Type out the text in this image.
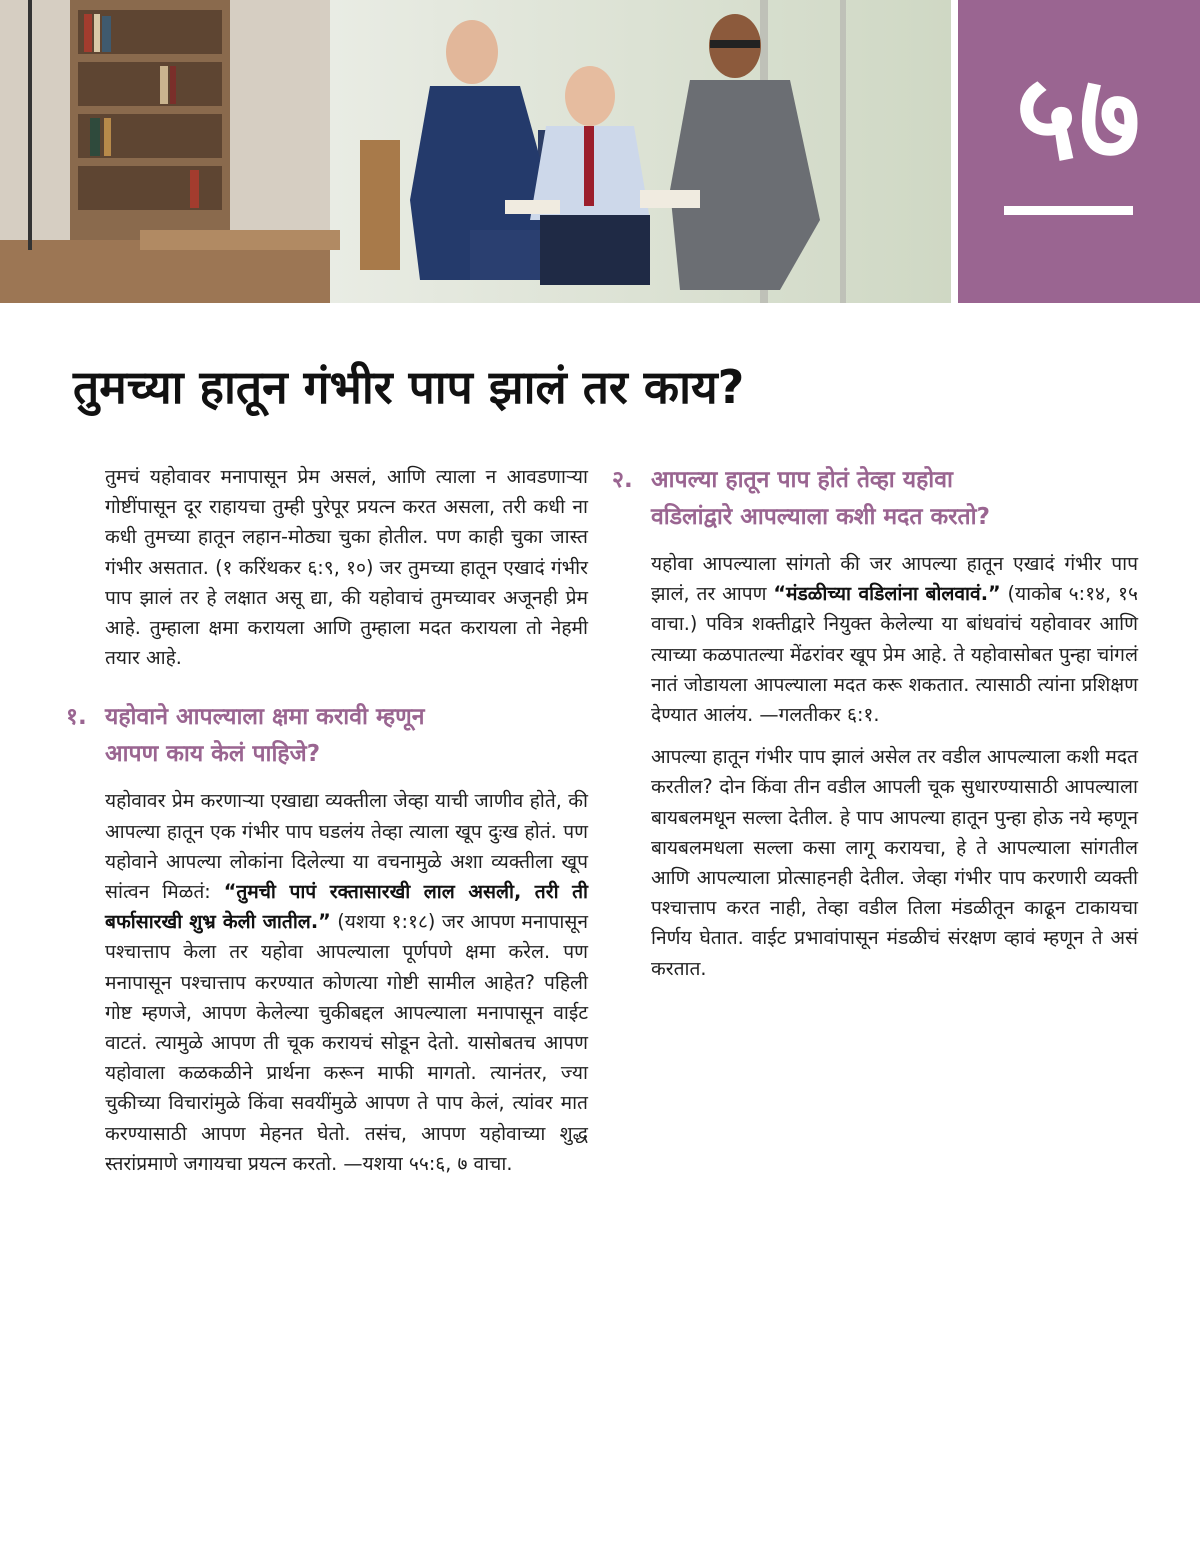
५७
तुमच्या हातून गंभीर पाप झालं तर काय?

तुमचं यहोवावर मनापासून प्रेम असलं, आणि त्याला न आवडणाऱ्या गोष्टींपासून दूर राहायचा तुम्ही पुरेपूर प्रयत्न करत असला, तरी कधी ना कधी तुमच्या हातून लहान-मोठ्या चुका होतील. पण काही चुका जास्त गंभीर असतात. (१ करिंथकर ६:९, १०) जर तुमच्या हातून एखादं गंभीर पाप झालं तर हे लक्षात असू द्या, की यहोवाचं तुमच्यावर अजूनही प्रेम आहे. तुम्हाला क्षमा करायला आणि तुम्हाला मदत करायला तो नेहमी तयार आहे.

१. यहोवाने आपल्याला क्षमा करावी म्हणून
आपण काय केलं पाहिजे?

यहोवावर प्रेम करणाऱ्या एखाद्या व्यक्तीला जेव्हा याची जाणीव होते, की आपल्या हातून एक गंभीर पाप घडलंय तेव्हा त्याला खूप दुःख होतं. पण यहोवाने आपल्या लोकांना दिलेल्या या वचनामुळे अशा व्यक्तीला खूप सांत्वन मिळतं: “तुमची पापं रक्तासारखी लाल असली, तरी ती बर्फासारखी शुभ्र केली जातील.” (यशया १:१८) जर आपण मनापासून पश्चात्ताप केला तर यहोवा आपल्याला पूर्णपणे क्षमा करेल. पण मनापासून पश्चात्ताप करण्यात कोणत्या गोष्टी सामील आहेत? पहिली गोष्ट म्हणजे, आपण केलेल्या चुकीबद्दल आपल्याला मनापासून वाईट वाटतं. त्यामुळे आपण ती चूक करायचं सोडून देतो. यासोबतच आपण यहोवाला कळकळीने प्रार्थना करून माफी मागतो. त्यानंतर, ज्या चुकीच्या विचारांमुळे किंवा सवयींमुळे आपण ते पाप केलं, त्यांवर मात करण्यासाठी आपण मेहनत घेतो. तसंच, आपण यहोवाच्या शुद्ध स्तरांप्रमाणे जगायचा प्रयत्न करतो. —यशया ५५:६, ७ वाचा.

२. आपल्या हातून पाप होतं तेव्हा यहोवा
वडिलांद्वारे आपल्याला कशी मदत करतो?

यहोवा आपल्याला सांगतो की जर आपल्या हातून एखादं गंभीर पाप झालं, तर आपण “मंडळीच्या वडिलांना बोलवावं.” (याकोब ५:१४, १५ वाचा.) पवित्र शक्तीद्वारे नियुक्त केलेल्या या बांधवांचं यहोवावर आणि त्याच्या कळपातल्या मेंढरांवर खूप प्रेम आहे. ते यहोवासोबत पुन्हा चांगलं नातं जोडायला आपल्याला मदत करू शकतात. त्यासाठी त्यांना प्रशिक्षण देण्यात आलंय. —गलतीकर ६:१.

आपल्या हातून गंभीर पाप झालं असेल तर वडील आपल्याला कशी मदत करतील? दोन किंवा तीन वडील आपली चूक सुधारण्यासाठी आपल्याला बायबलमधून सल्ला देतील. हे पाप आपल्या हातून पुन्हा होऊ नये म्हणून बायबलमधला सल्ला कसा लागू करायचा, हे ते आपल्याला सांगतील आणि आपल्याला प्रोत्साहनही देतील. जेव्हा गंभीर पाप करणारी व्यक्ती पश्चात्ताप करत नाही, तेव्हा वडील तिला मंडळीतून काढून टाकायचा निर्णय घेतात. वाईट प्रभावांपासून मंडळीचं संरक्षण व्हावं म्हणून ते असं करतात.
